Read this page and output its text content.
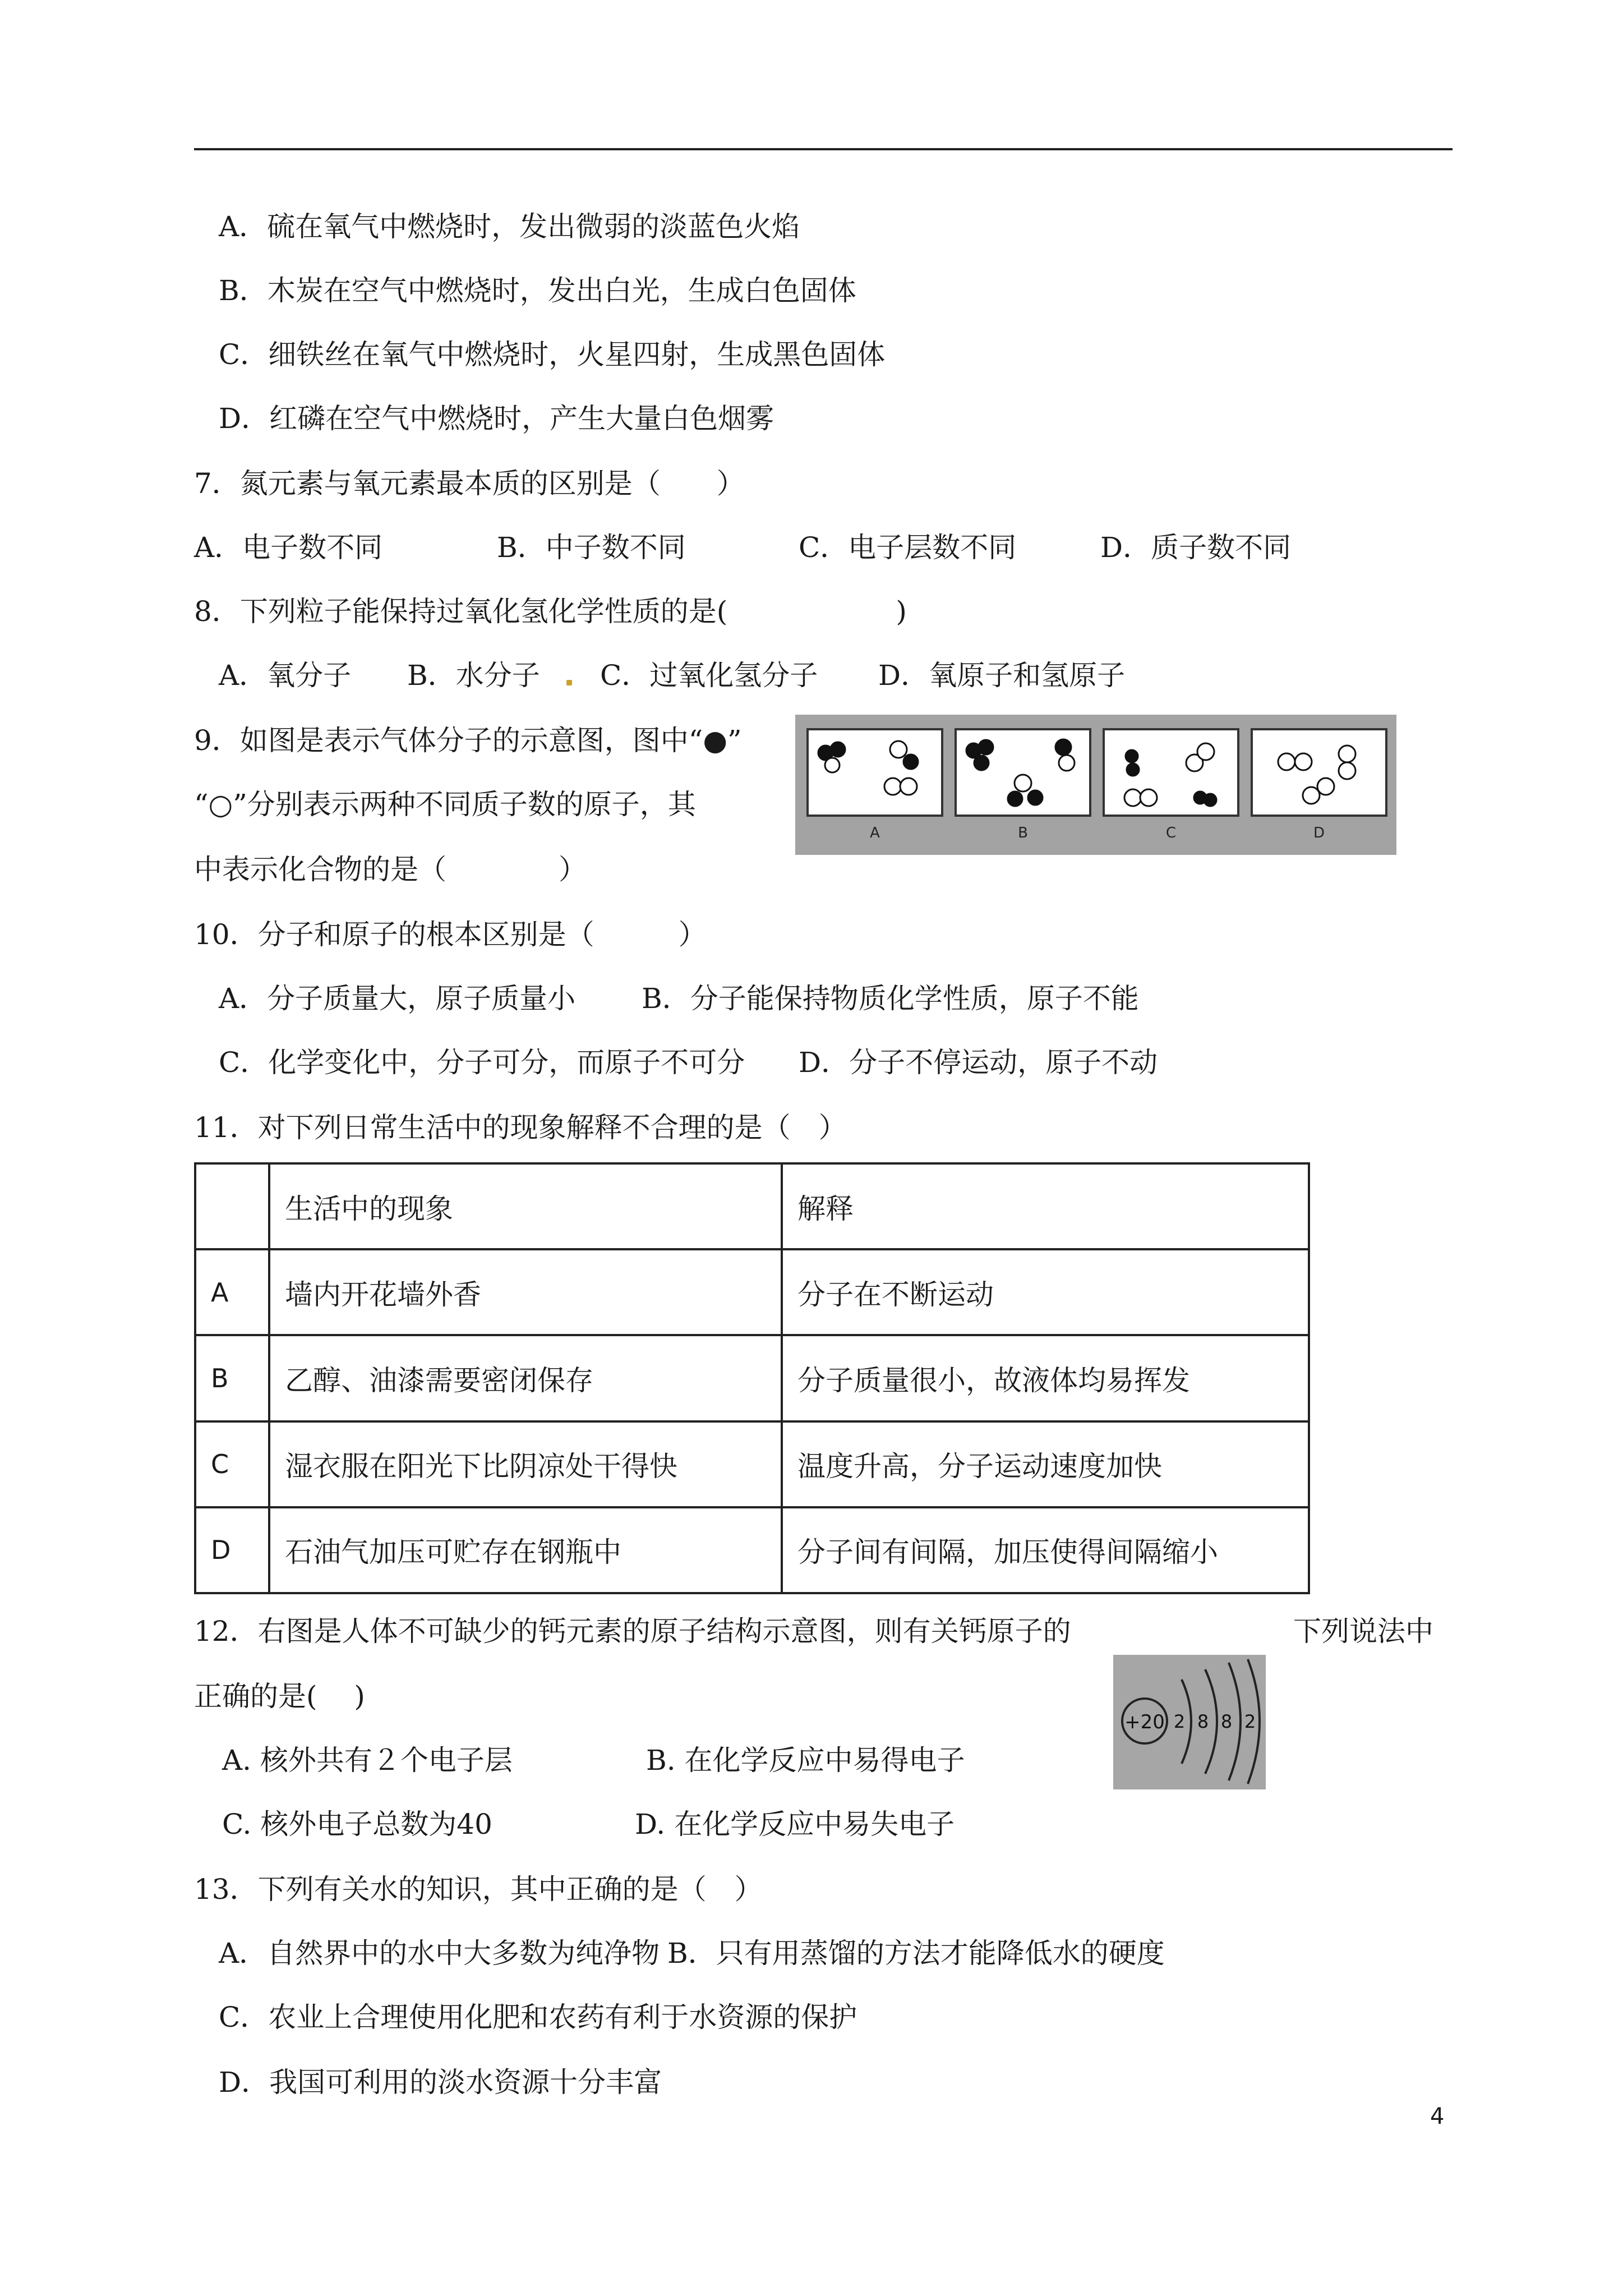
A．硫在氧气中燃烧时，发出微弱的淡蓝色火焰
B．木炭在空气中燃烧时，发出白光，生成白色固体
C．细铁丝在氧气中燃烧时，火星四射，生成黑色固体
D．红磷在空气中燃烧时，产生大量白色烟雾
7．氮元素与氧元素最本质的区别是（　　）
A．电子数不同	B．中子数不同	C．电子层数不同	D．质子数不同
8．下列粒子能保持过氧化氢化学性质的是(　　　　　　)
A．氧分子 B．水分子 C．过氧化氢分子 D．氧原子和氢原子
9．如图是表示气体分子的示意图，图中“●”
“○”分别表示两种不同质子数的原子，其
中表示化合物的是（　　　　）
A	B	C	D
10．分子和原子的根本区别是（　　　）
A．分子质量大，原子质量小 B．分子能保持物质化学性质，原子不能
C．化学变化中，分子可分，而原子不可分 D．分子不停运动，原子不动
11．对下列日常生活中的现象解释不合理的是（　）
	生活中的现象	解释
A	墙内开花墙外香	分子在不断运动
B	乙醇、油漆需要密闭保存	分子质量很小，故液体均易挥发
C	湿衣服在阳光下比阴凉处干得快	温度升高，分子运动速度加快
D	石油气加压可贮存在钢瓶中	分子间有间隔，加压使得间隔缩小
12．右图是人体不可缺少的钙元素的原子结构示意图，则有关钙原子的	下列说法中
正确的是(　 )
A. 核外共有２个电子层	B. 在化学反应中易得电子
C. 核外电子总数为40	D. 在化学反应中易失电子
+20 2 8 8 2
13．下列有关水的知识，其中正确的是（　）
A．自然界中的水中大多数为纯净物 B．只有用蒸馏的方法才能降低水的硬度
C．农业上合理使用化肥和农药有利于水资源的保护
D．我国可利用的淡水资源十分丰富
4
